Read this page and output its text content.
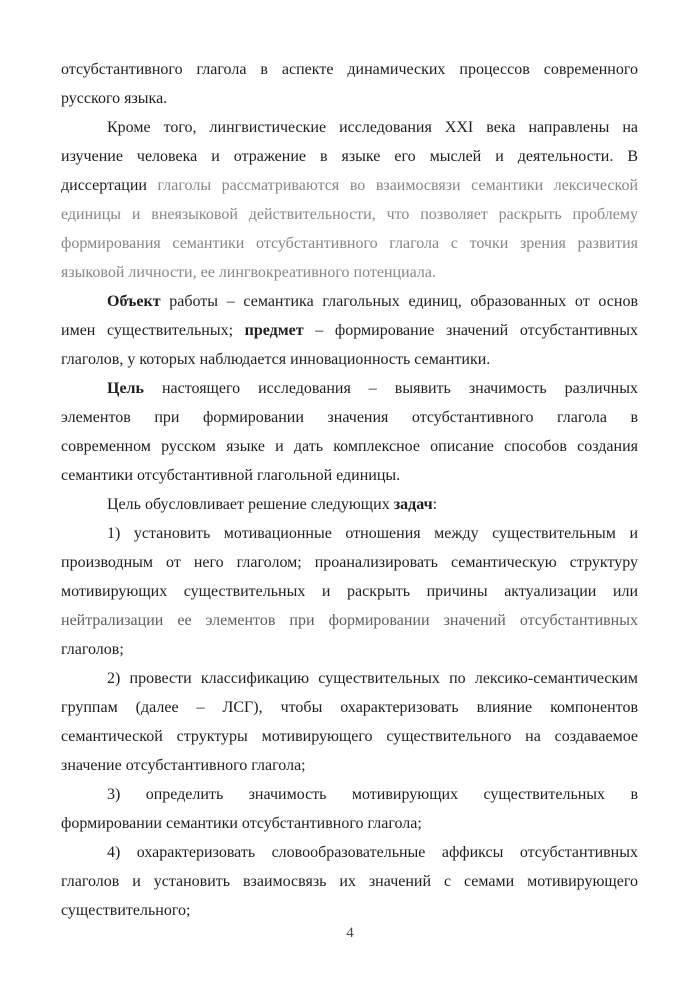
отсубстантивного глагола в аспекте динамических процессов современного
русского языка.
Кроме того, лингвистические исследования XXI века направлены на
изучение человека и отражение в языке его мыслей и деятельности. В
диссертации глаголы рассматриваются во взаимосвязи семантики лексической
единицы и внеязыковой действительности, что позволяет раскрыть проблему
формирования семантики отсубстантивного глагола с точки зрения развития
языковой личности, ее лингвокреативного потенциала.
Объект работы – семантика глагольных единиц, образованных от основ
имен существительных; предмет – формирование значений отсубстантивных
глаголов, у которых наблюдается инновационность семантики.
Цель настоящего исследования – выявить значимость различных
элементов при формировании значения отсубстантивного глагола в
современном русском языке и дать комплексное описание способов создания
семантики отсубстантивной глагольной единицы.
Цель обусловливает решение следующих задач:
1) установить мотивационные отношения между существительным и
производным от него глаголом; проанализировать семантическую структуру
мотивирующих существительных и раскрыть причины актуализации или
нейтрализации ее элементов при формировании значений отсубстантивных
глаголов;
2) провести классификацию существительных по лексико-семантическим
группам (далее – ЛСГ), чтобы охарактеризовать влияние компонентов
семантической структуры мотивирующего существительного на создаваемое
значение отсубстантивного глагола;
3) определить значимость мотивирующих существительных в
формировании семантики отсубстантивного глагола;
4) охарактеризовать словообразовательные аффиксы отсубстантивных
глаголов и установить взаимосвязь их значений с семами мотивирующего
существительного;
4
